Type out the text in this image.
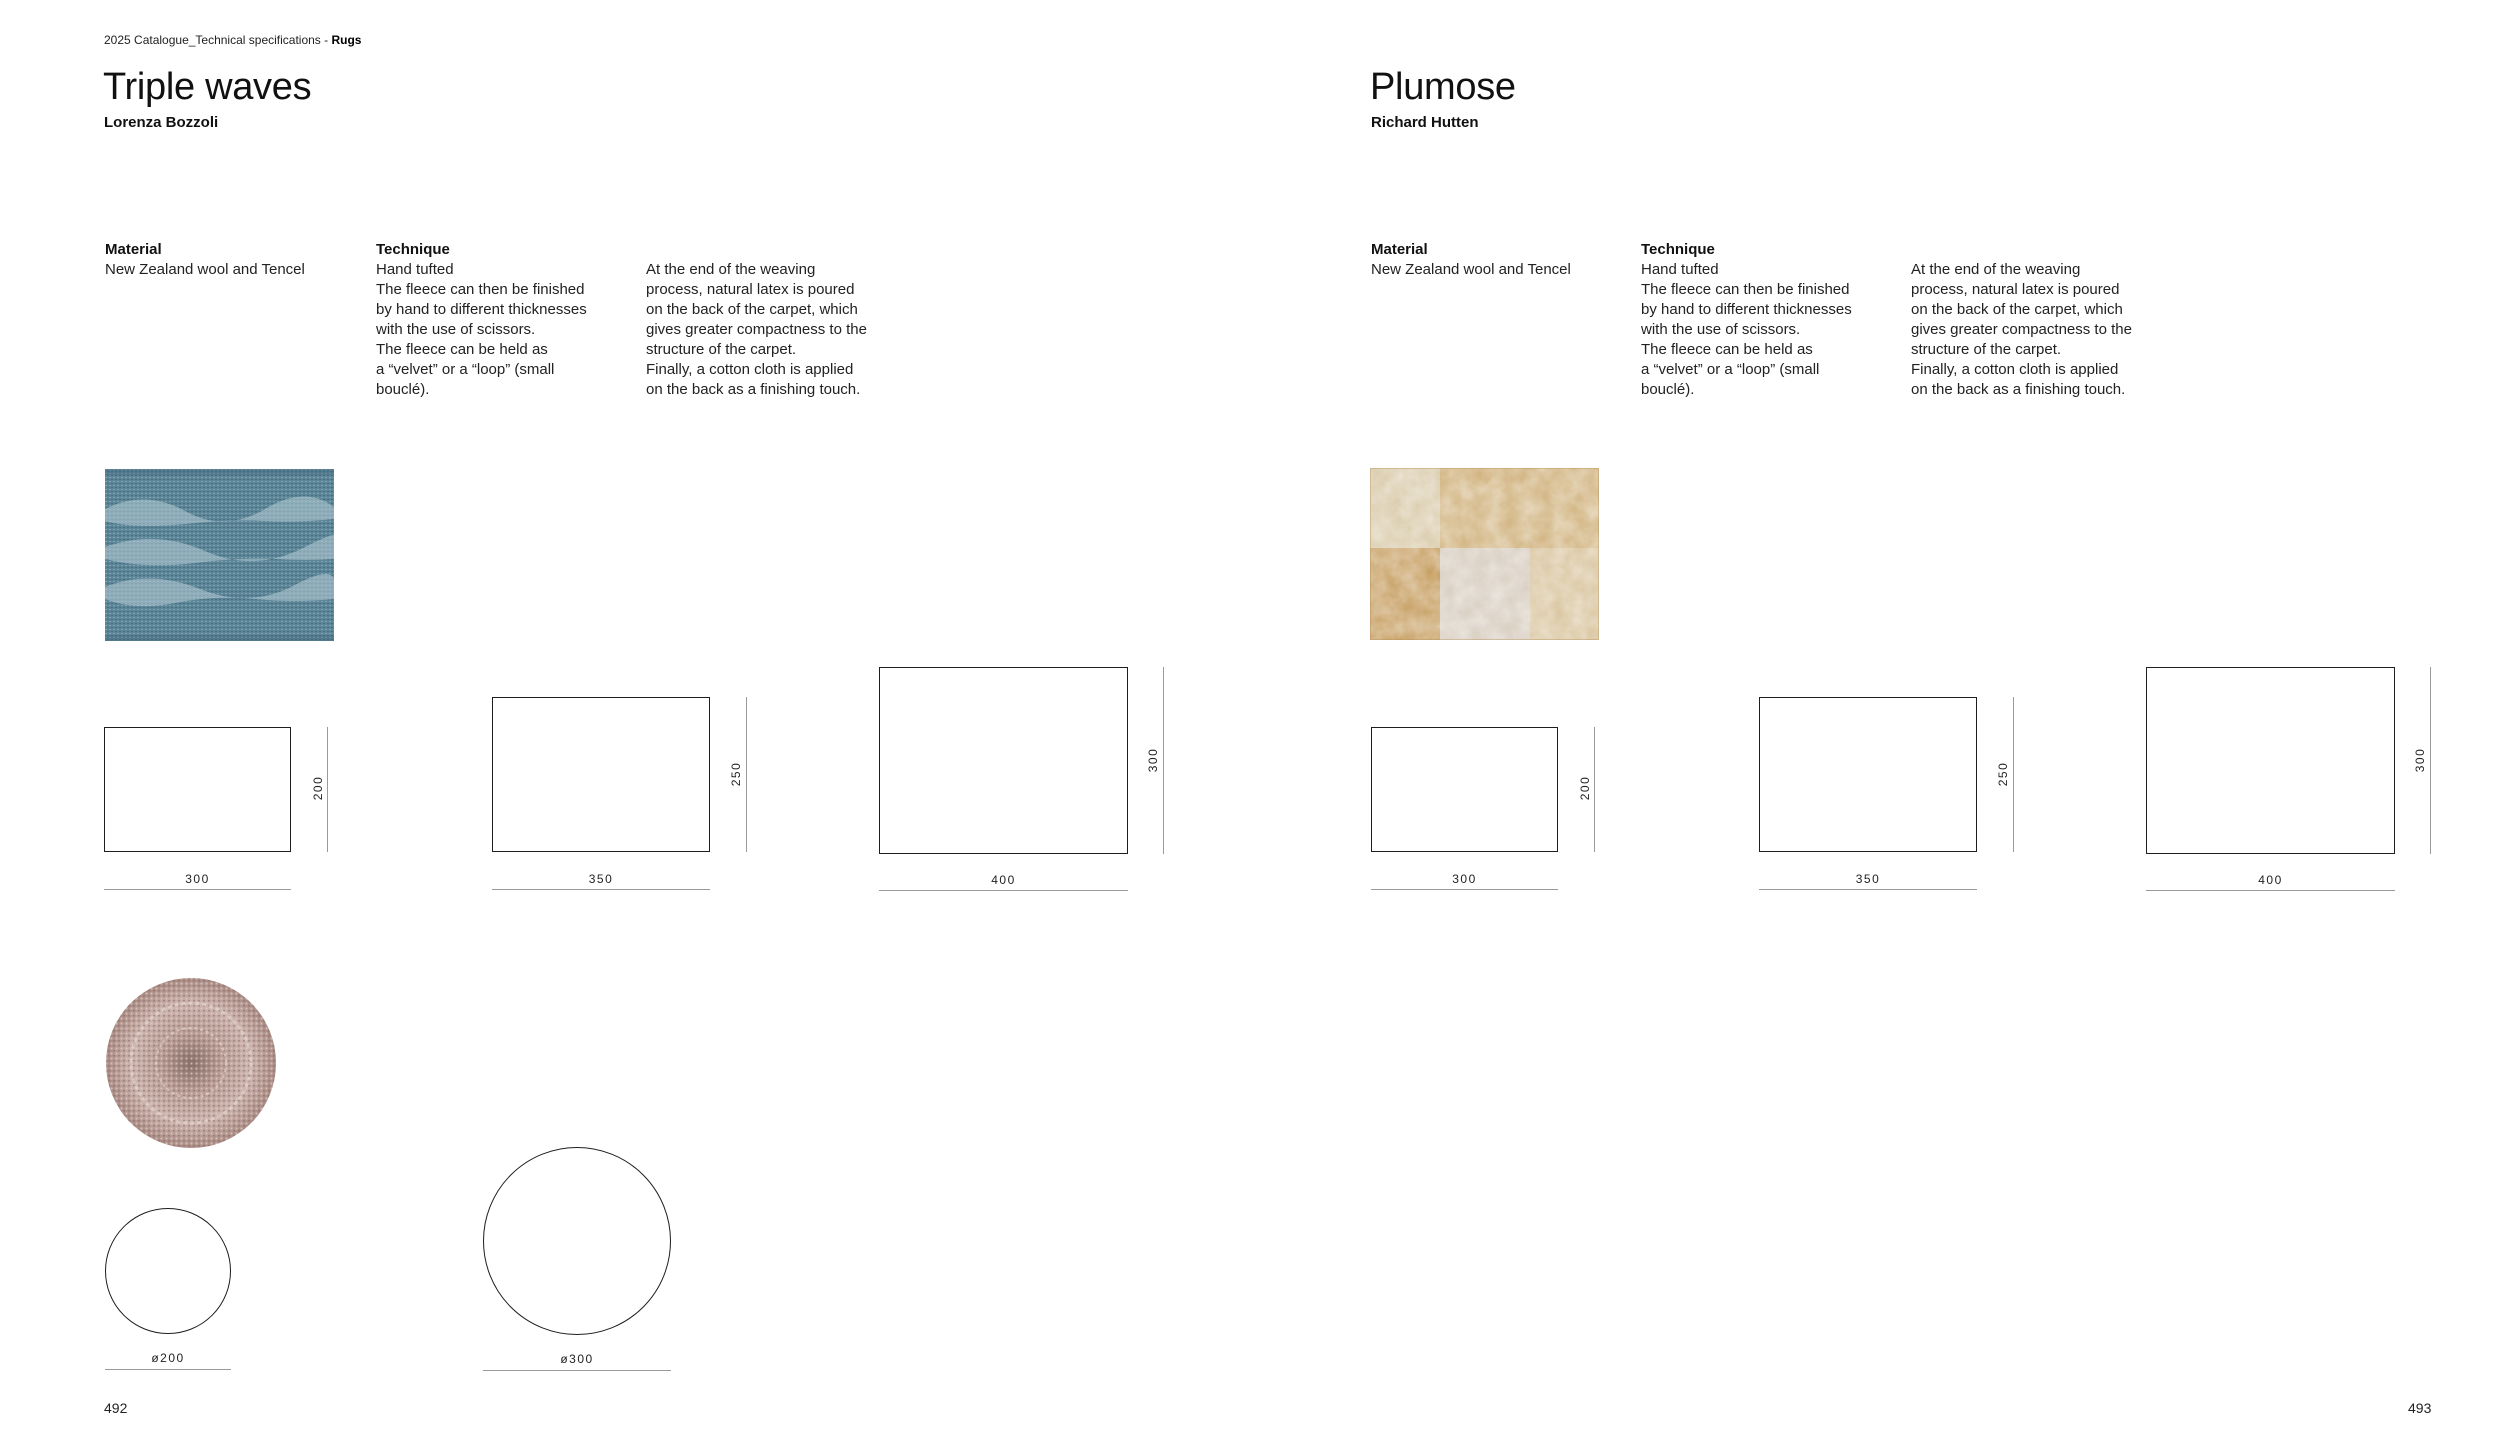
2025 Catalogue_Technical specifications - Rugs
Triple waves
Lorenza Bozzoli
Material
New Zealand wool and Tencel
Technique
Hand tufted
The fleece can then be finished
by hand to different thicknesses
with the use of scissors.
The fleece can be held as
a “velvet” or a “loop” (small
bouclé).
At the end of the weaving
process, natural latex is poured
on the back of the carpet, which
gives greater compactness to the
structure of the carpet.
Finally, a cotton cloth is applied
on the back as a finishing touch.
200
300
250
350
300
400
ø200	ø300
492
Plumose
Richard Hutten
Material
New Zealand wool and Tencel
Technique
Hand tufted
The fleece can then be finished
by hand to different thicknesses
with the use of scissors.
The fleece can be held as
a “velvet” or a “loop” (small
bouclé).
At the end of the weaving
process, natural latex is poured
on the back of the carpet, which
gives greater compactness to the
structure of the carpet.
Finally, a cotton cloth is applied
on the back as a finishing touch.
200
300
250
350
300
400
493
